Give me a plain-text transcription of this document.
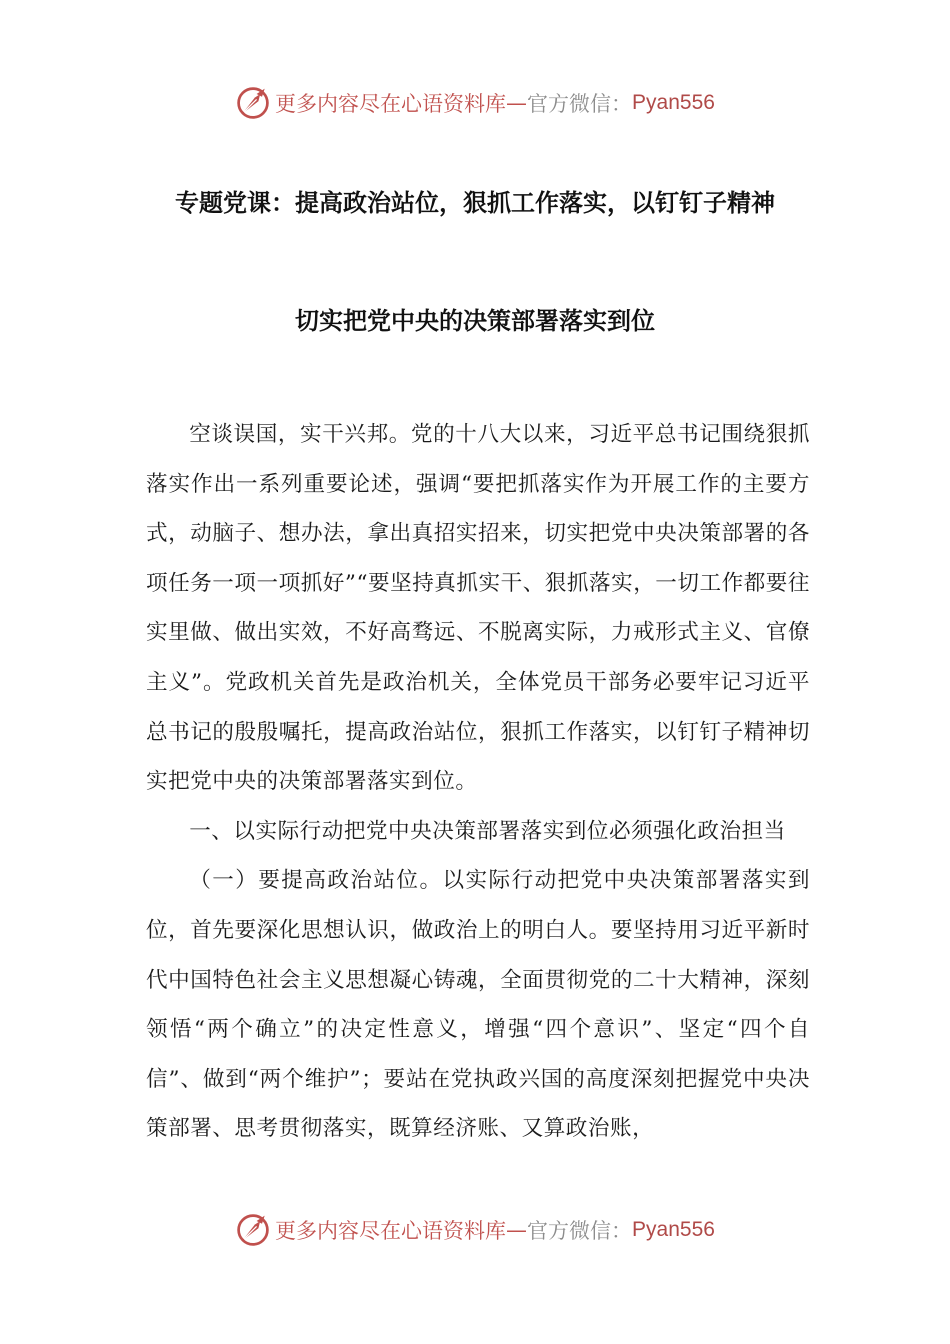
更多内容尽在心语资料库 — 官方微信： Pyan556
专题党课：提高政治站位，狠抓工作落实，以钉钉子精神
切实把党中央的决策部署落实到位

空谈误国，实干兴邦。党的十八大以来，习近平总书记围绕狠抓落实作出一系列重要论述，强调“要把抓落实作为开展工作的主要方式，动脑子、想办法，拿出真招实招来，切实把党中央决策部署的各项任务一项一项抓好”“要坚持真抓实干、狠抓落实，一切工作都要往实里做、做出实效，不好高骛远、不脱离实际，力戒形式主义、官僚主义”。党政机关首先是政治机关，全体党员干部务必要牢记习近平总书记的殷殷嘱托，提高政治站位，狠抓工作落实，以钉钉子精神切实把党中央的决策部署落实到位。

一、以实际行动把党中央决策部署落实到位必须强化政治担当

（一）要提高政治站位。以实际行动把党中央决策部署落实到位，首先要深化思想认识，做政治上的明白人。要坚持用习近平新时代中国特色社会主义思想凝心铸魂，全面贯彻党的二十大精神，深刻领悟“两个确立”的决定性意义，增强“四个意识”、坚定“四个自信”、做到“两个维护”；要站在党执政兴国的高度深刻把握党中央决策部署、思考贯彻落实，既算经济账、又算政治账，

更多内容尽在心语资料库 — 官方微信： Pyan556
